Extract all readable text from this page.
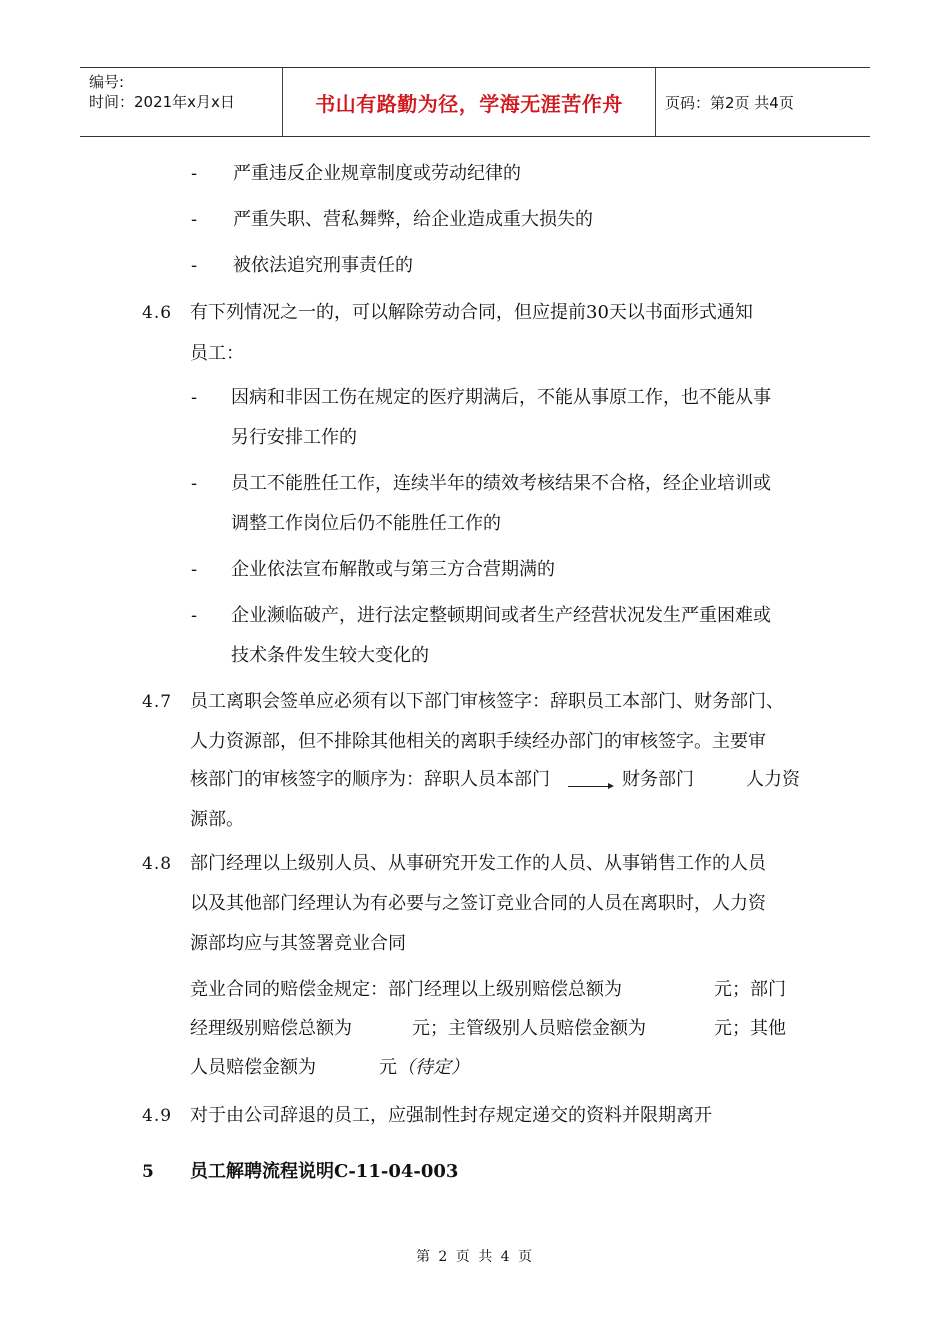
编号:
时间：2021年x月x日	书山有路勤为径，学海无涯苦作舟	页码：第2页 共4页
- 严重违反企业规章制度或劳动纪律的
- 严重失职、营私舞弊，给企业造成重大损失的
- 被依法追究刑事责任的
4.6 有下列情况之一的，可以解除劳动合同，但应提前30天以书面形式通知
员工：
- 因病和非因工伤在规定的医疗期满后，不能从事原工作，也不能从事
另行安排工作的
- 员工不能胜任工作，连续半年的绩效考核结果不合格，经企业培训或
调整工作岗位后仍不能胜任工作的
- 企业依法宣布解散或与第三方合营期满的
- 企业濒临破产，进行法定整顿期间或者生产经营状况发生严重困难或
技术条件发生较大变化的
4.7 员工离职会签单应必须有以下部门审核签字：辞职员工本部门、财务部门、
人力资源部，但不排除其他相关的离职手续经办部门的审核签字。主要审
核部门的审核签字的顺序为：辞职人员本部门	财务部门	人力资
源部。
4.8 部门经理以上级别人员、从事研究开发工作的人员、从事销售工作的人员
以及其他部门经理认为有必要与之签订竞业合同的人员在离职时，人力资
源部均应与其签署竞业合同
竞业合同的赔偿金规定：部门经理以上级别赔偿总额为	元；部门
经理级别赔偿总额为	元；主管级别人员赔偿金额为	元；其他
人员赔偿金额为	元 （待定）
4.9 对于由公司辞退的员工，应强制性封存规定递交的资料并限期离开
5 员工解聘流程说明C-11-04-003
第 2 页 共 4 页
